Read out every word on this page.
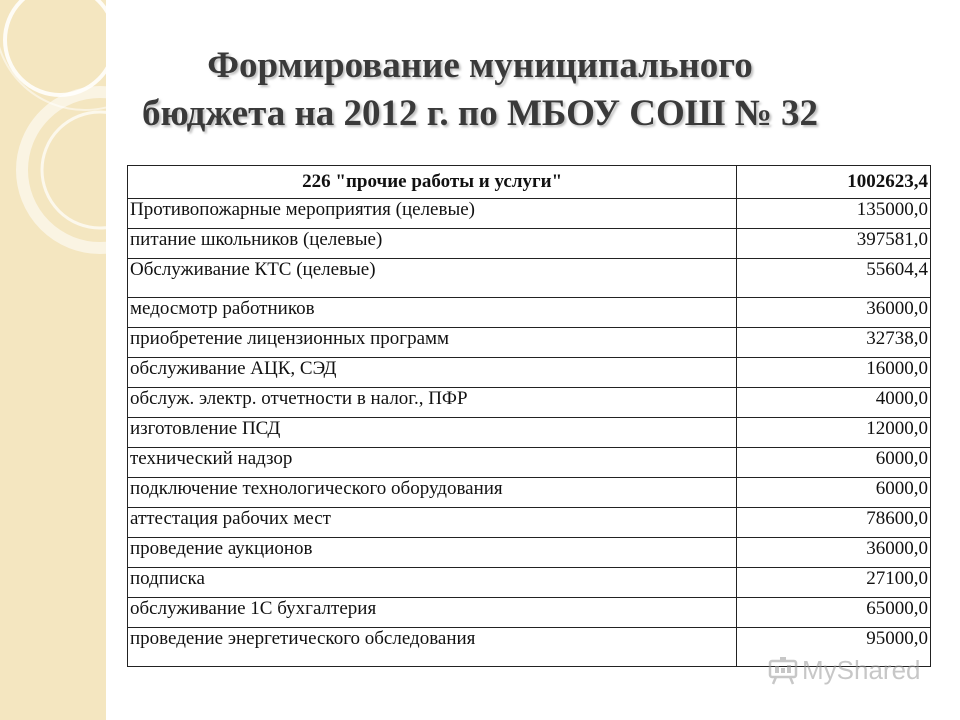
Формирование муниципального
бюджета на 2012 г. по МБОУ СОШ № 32
226 "прочие работы и услуги"	1002623,4
Противопожарные мероприятия (целевые)	135000,0
питание школьников (целевые)	397581,0
Обслуживание КТС (целевые)	55604,4
медосмотр работников	36000,0
приобретение лицензионных программ	32738,0
обслуживание АЦК, СЭД	16000,0
обслуж. электр. отчетности в налог., ПФР	4000,0
изготовление ПСД	12000,0
технический надзор	6000,0
подключение технологического оборудования	6000,0
аттестация рабочих мест	78600,0
проведение аукционов	36000,0
подписка	27100,0
обслуживание 1С бухгалтерия	65000,0
проведение энергетического обследования	95000,0
MyShared
